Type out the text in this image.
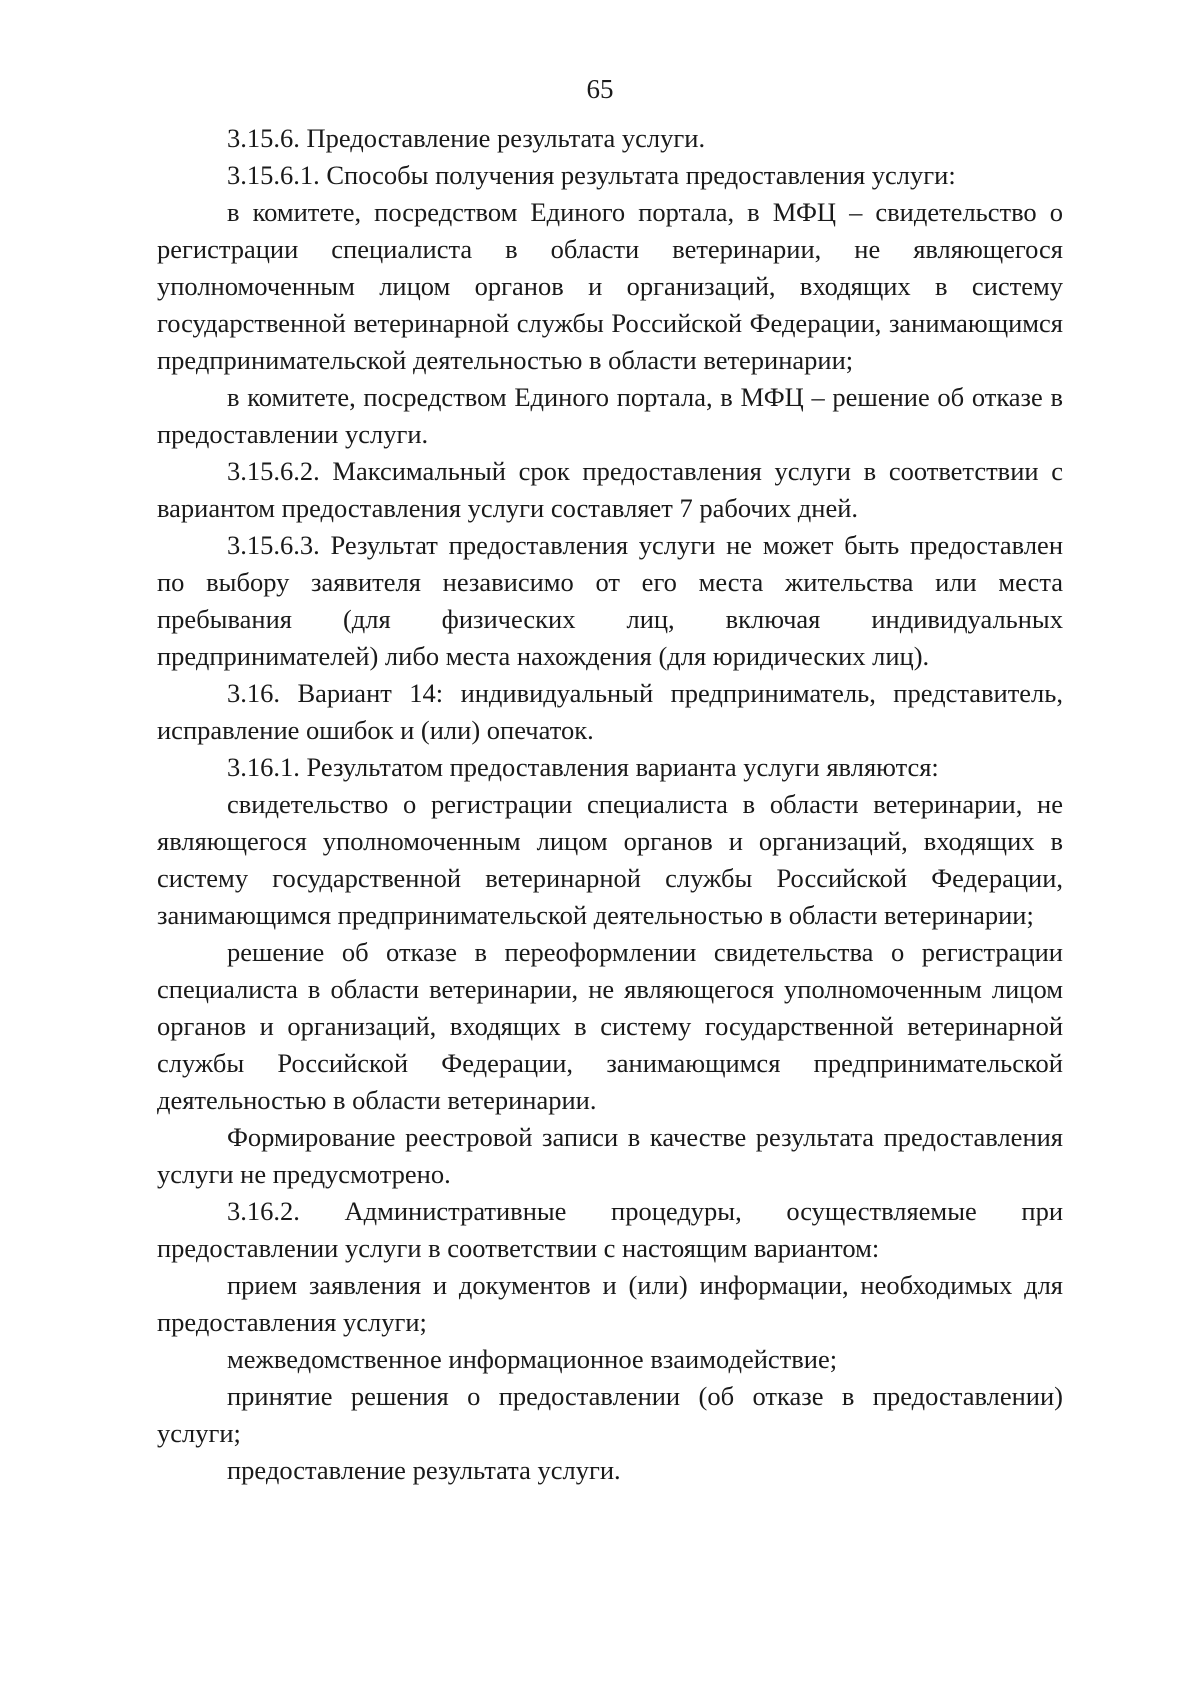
65

3.15.6. Предоставление результата услуги.

3.15.6.1. Способы получения результата предоставления услуги:

в комитете, посредством Единого портала, в МФЦ – свидетельство о регистрации специалиста в области ветеринарии, не являющегося уполномоченным лицом органов и организаций, входящих в систему государственной ветеринарной службы Российской Федерации, занимающимся предпринимательской деятельностью в области ветеринарии;

в комитете, посредством Единого портала, в МФЦ – решение об отказе в предоставлении услуги.

3.15.6.2. Максимальный срок предоставления услуги в соответствии с вариантом предоставления услуги составляет 7 рабочих дней.

3.15.6.3. Результат предоставления услуги не может быть предоставлен по выбору заявителя независимо от его места жительства или места пребывания (для физических лиц, включая индивидуальных предпринимателей) либо места нахождения (для юридических лиц).

3.16. Вариант 14: индивидуальный предприниматель, представитель, исправление ошибок и (или) опечаток.

3.16.1. Результатом предоставления варианта услуги являются:

свидетельство о регистрации специалиста в области ветеринарии, не являющегося уполномоченным лицом органов и организаций, входящих в систему государственной ветеринарной службы Российской Федерации, занимающимся предпринимательской деятельностью в области ветеринарии;

решение об отказе в переоформлении свидетельства о регистрации специалиста в области ветеринарии, не являющегося уполномоченным лицом органов и организаций, входящих в систему государственной ветеринарной службы Российской Федерации, занимающимся предпринимательской деятельностью в области ветеринарии.

Формирование реестровой записи в качестве результата предоставления услуги не предусмотрено.

3.16.2. Административные процедуры, осуществляемые при предоставлении услуги в соответствии с настоящим вариантом:

прием заявления и документов и (или) информации, необходимых для предоставления услуги;

межведомственное информационное взаимодействие;

принятие решения о предоставлении (об отказе в предоставлении) услуги;

предоставление результата услуги.
